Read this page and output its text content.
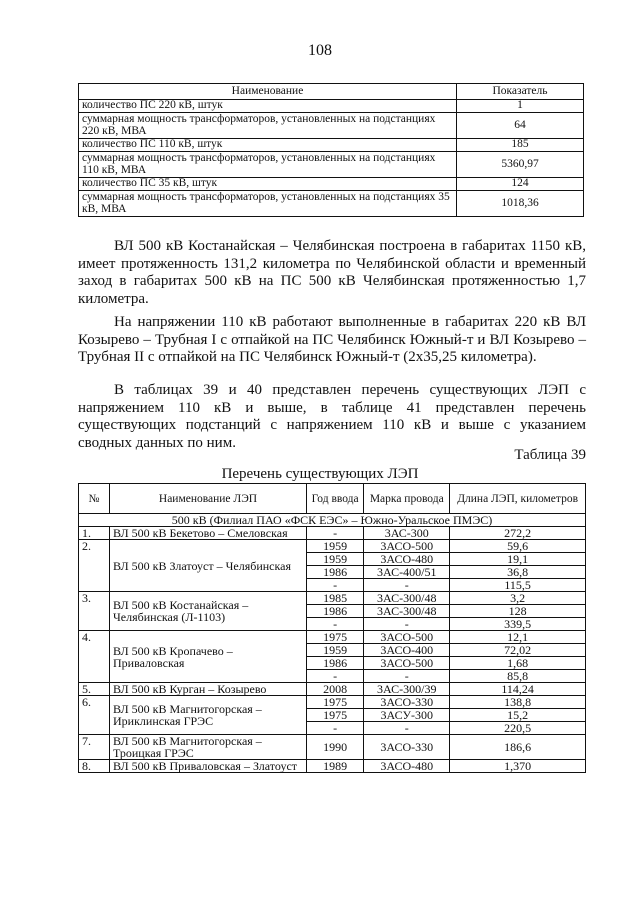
108
Наименование	Показатель
количество ПС 220 кВ, штук	1
суммарная мощность трансформаторов, установленных на подстанциях 220 кВ, МВА	64
количество ПС 110 кВ, штук	185
суммарная мощность трансформаторов, установленных на подстанциях 110 кВ, МВА	5360,97
количество ПС 35 кВ, штук	124
суммарная мощность трансформаторов, установленных на подстанциях 35 кВ, МВА	1018,36

ВЛ 500 кВ Костанайская – Челябинская построена в габаритах 1150 кВ, имеет протяженность 131,2 километра по Челябинской области и временный заход в габаритах 500 кВ на ПС 500 кВ Челябинская протяженностью 1,7 километра.

На напряжении 110 кВ работают выполненные в габаритах 220 кВ ВЛ Козырево – Трубная I с отпайкой на ПС Челябинск Южный-т и ВЛ Козырево – Трубная II с отпайкой на ПС Челябинск Южный-т (2х35,25 километра).

В таблицах 39 и 40 представлен перечень существующих ЛЭП с напряжением 110 кВ и выше, в таблице 41 представлен перечень существующих подстанций с напряжением 110 кВ и выше с указанием сводных данных по ним.

Таблица 39
Перечень существующих ЛЭП
№	Наименование ЛЭП	Год ввода	Марка провода	Длина ЛЭП, километров
500 кВ (Филиал ПАО «ФСК ЕЭС» – Южно-Уральское ПМЭС)				
1.	ВЛ 500 кВ Бекетово – Смеловская	-	3АС-300	272,2
2.	ВЛ 500 кВ Златоуст – Челябинская	1959	3АСО-500	59,6
		1959	3АСО-480	19,1
		1986	3АС-400/51	36,8
		-	-	115,5
3.	ВЛ 500 кВ Костанайская – Челябинская (Л-1103)	1985	3АС-300/48	3,2
		1986	3АС-300/48	128
		-	-	339,5
4.	ВЛ 500 кВ Кропачево – Приваловская	1975	3АСО-500	12,1
		1959	3АСО-400	72,02
		1986	3АСО-500	1,68
		-	-	85,8
5.	ВЛ 500 кВ Курган – Козырево	2008	3АС-300/39	114,24
6.	ВЛ 500 кВ Магнитогорская – Ириклинская ГРЭС	1975	3АСО-330	138,8
		1975	3АСУ-300	15,2
		-	-	220,5
7.	ВЛ 500 кВ Магнитогорская – Троицкая ГРЭС	1990	3АСО-330	186,6
8.	ВЛ 500 кВ Приваловская – Златоуст	1989	3АСО-480	1,370
